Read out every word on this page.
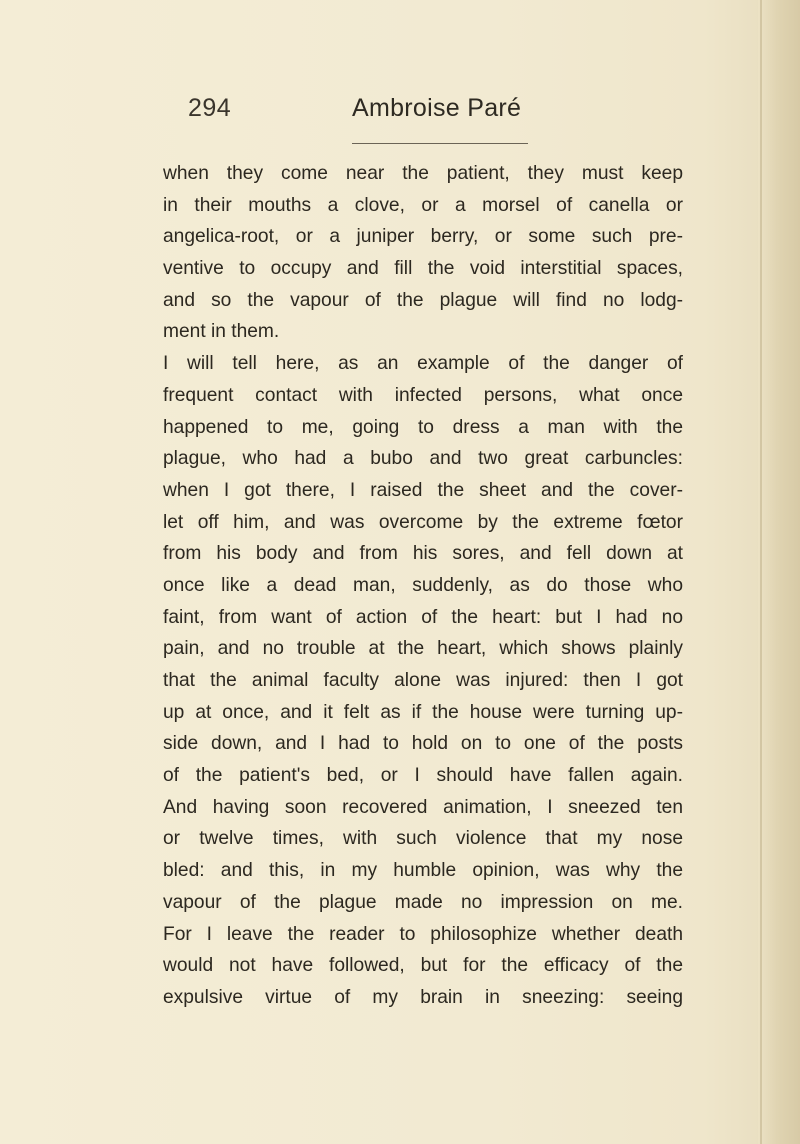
294	Ambroise Paré
when they come near the patient, they must keep
in their mouths a clove, or a morsel of canella or
angelica-root, or a juniper berry, or some such pre-
ventive to occupy and fill the void interstitial spaces,
and so the vapour of the plague will find no lodg-
ment in them.
I will tell here, as an example of the danger of
frequent contact with infected persons, what once
happened to me, going to dress a man with the
plague, who had a bubo and two great carbuncles:
when I got there, I raised the sheet and the cover-
let off him, and was overcome by the extreme fœtor
from his body and from his sores, and fell down at
once like a dead man, suddenly, as do those who
faint, from want of action of the heart: but I had no
pain, and no trouble at the heart, which shows plainly
that the animal faculty alone was injured: then I got
up at once, and it felt as if the house were turning up-
side down, and I had to hold on to one of the posts
of the patient's bed, or I should have fallen again.
And having soon recovered animation, I sneezed ten
or twelve times, with such violence that my nose
bled: and this, in my humble opinion, was why the
vapour of the plague made no impression on me.
For I leave the reader to philosophize whether death
would not have followed, but for the efficacy of the
expulsive virtue of my brain in sneezing: seeing
